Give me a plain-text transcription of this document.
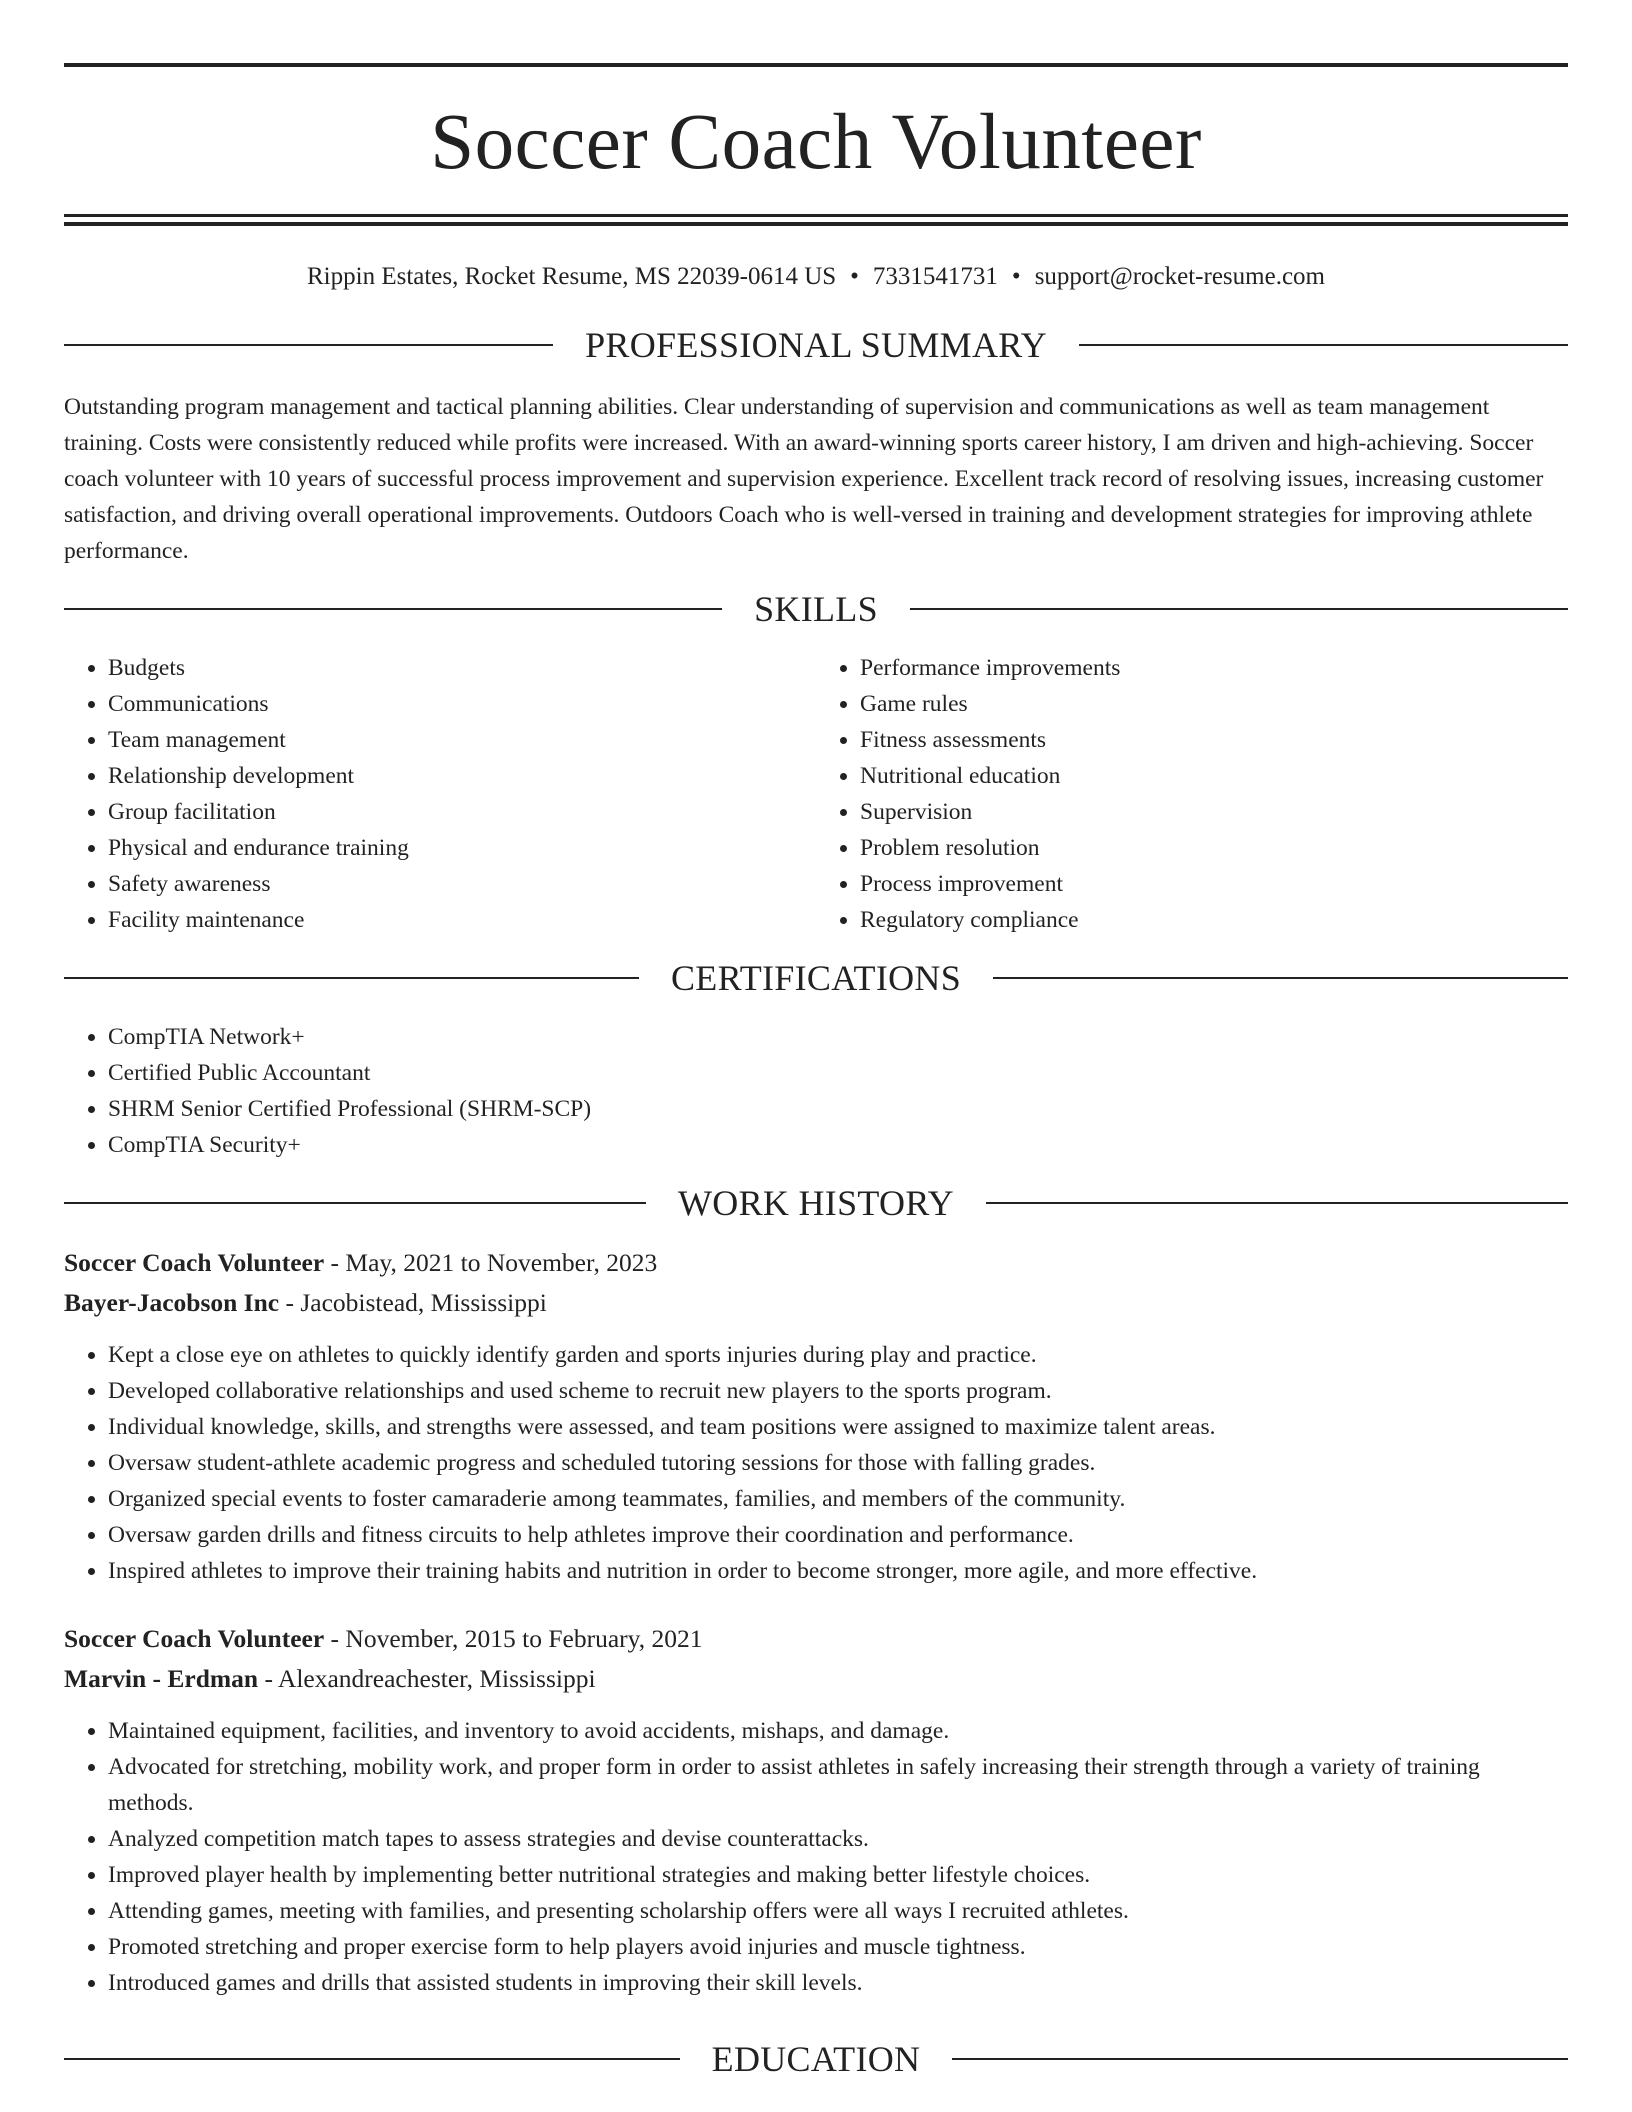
Soccer Coach Volunteer
Rippin Estates, Rocket Resume, MS 22039-0614 US • 7331541731 • support@rocket-resume.com
PROFESSIONAL SUMMARY

Outstanding program management and tactical planning abilities. Clear understanding of supervision and communications as well as team management training. Costs were consistently reduced while profits were increased. With an award-winning sports career history, I am driven and high-achieving. Soccer coach volunteer with 10 years of successful process improvement and supervision experience. Excellent track record of resolving issues, increasing customer satisfaction, and driving overall operational improvements. Outdoors Coach who is well-versed in training and development strategies for improving athlete performance.

SKILLS
• Budgets
• Communications
• Team management
• Relationship development
• Group facilitation
• Physical and endurance training
• Safety awareness
• Facility maintenance
• Performance improvements
• Game rules
• Fitness assessments
• Nutritional education
• Supervision
• Problem resolution
• Process improvement
• Regulatory compliance
CERTIFICATIONS
• CompTIA Network+
• Certified Public Accountant
• SHRM Senior Certified Professional (SHRM-SCP)
• CompTIA Security+
WORK HISTORY
Soccer Coach Volunteer - May, 2021 to November, 2023
Bayer-Jacobson Inc - Jacobistead, Mississippi
• Kept a close eye on athletes to quickly identify garden and sports injuries during play and practice.
• Developed collaborative relationships and used scheme to recruit new players to the sports program.
• Individual knowledge, skills, and strengths were assessed, and team positions were assigned to maximize talent areas.
• Oversaw student-athlete academic progress and scheduled tutoring sessions for those with falling grades.
• Organized special events to foster camaraderie among teammates, families, and members of the community.
• Oversaw garden drills and fitness circuits to help athletes improve their coordination and performance.
• Inspired athletes to improve their training habits and nutrition in order to become stronger, more agile, and more effective.
Soccer Coach Volunteer - November, 2015 to February, 2021
Marvin - Erdman - Alexandreachester, Mississippi
• Maintained equipment, facilities, and inventory to avoid accidents, mishaps, and damage.
• Advocated for stretching, mobility work, and proper form in order to assist athletes in safely increasing their strength through a variety of training methods.
• Analyzed competition match tapes to assess strategies and devise counterattacks.
• Improved player health by implementing better nutritional strategies and making better lifestyle choices.
• Attending games, meeting with families, and presenting scholarship offers were all ways I recruited athletes.
• Promoted stretching and proper exercise form to help players avoid injuries and muscle tightness.
• Introduced games and drills that assisted students in improving their skill levels.
EDUCATION
